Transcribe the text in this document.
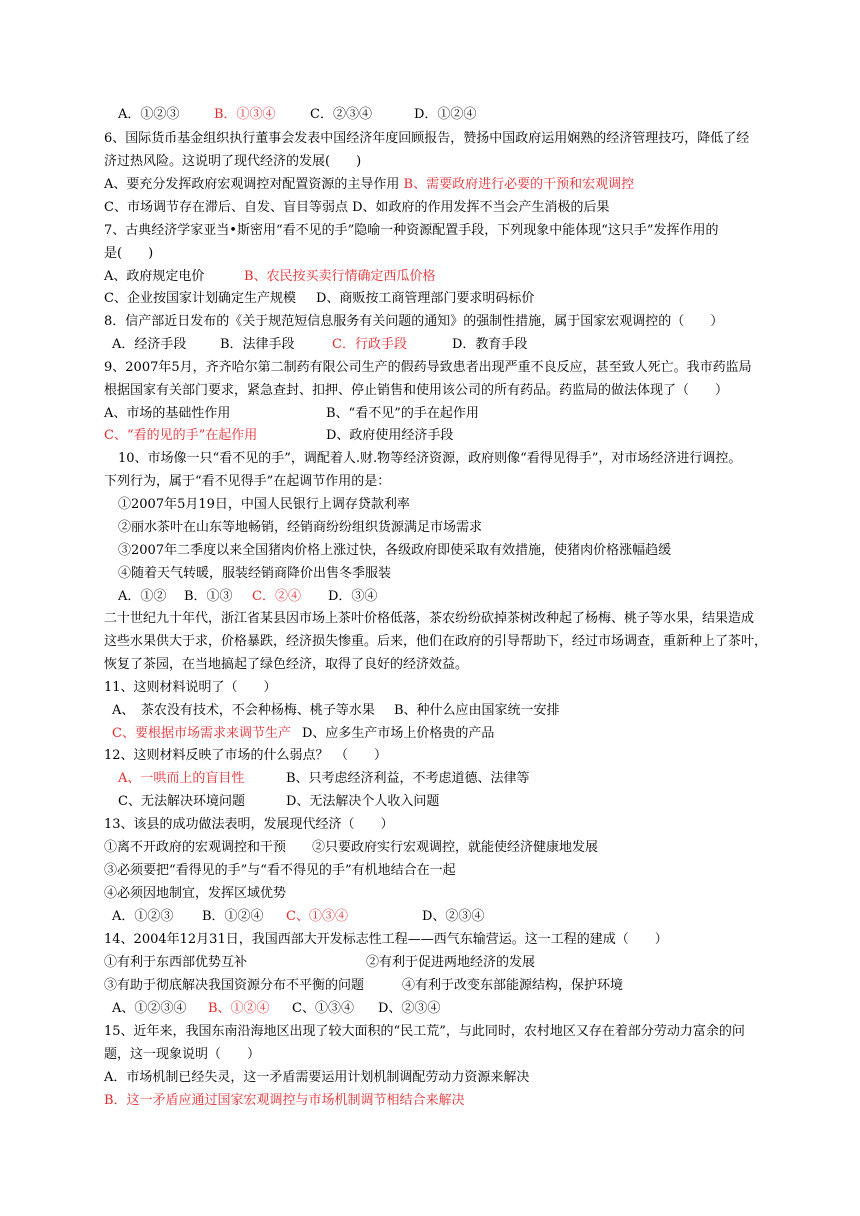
A．①②③	B．①③④	C．②③④	D．①②④
6、国际货币基金组织执行董事会发表中国经济年度回顾报告，赞扬中国政府运用娴熟的经济管理技巧，降低了经
济过热风险。这说明了现代经济的发展(　　)
A、要充分发挥政府宏观调控对配置资源的主导作用 B、需要政府进行必要的干预和宏观调控
C、市场调节存在滞后、自发、盲目等弱点 D、如政府的作用发挥不当会产生消极的后果
7、古典经济学家亚当•斯密用“看不见的手”隐喻一种资源配置手段，下列现象中能体现“这只手”发挥作用的
是(　　)
A、政府规定电价	B、农民按买卖行情确定西瓜价格
C、企业按国家计划确定生产规模 D、商贩按工商管理部门要求明码标价
8．信产部近日发布的《关于规范短信息服务有关问题的通知》的强制性措施，属于国家宏观调控的（　　）
A．经济手段	B．法律手段	C．行政手段	D．教育手段
9、2007年5月，齐齐哈尔第二制药有限公司生产的假药导致患者出现严重不良反应，甚至致人死亡。我市药监局
根据国家有关部门要求，紧急查封、扣押、停止销售和使用该公司的所有药品。药监局的做法体现了（　　）
A、市场的基础性作用	B、“看不见”的手在起作用
C、“看的见的手”在起作用	D、政府使用经济手段
10、市场像一只“看不见的手”，调配着人.财.物等经济资源，政府则像“看得见得手”，对市场经济进行调控。
下列行为，属于“看不见得手”在起调节作用的是：
①2007年5月19日，中国人民银行上调存贷款利率
②丽水茶叶在山东等地畅销，经销商纷纷组织货源满足市场需求
③2007年二季度以来全国猪肉价格上涨过快，各级政府即使采取有效措施，使猪肉价格涨幅趋缓
④随着天气转暖，服装经销商降价出售冬季服装
A．①② B．①③ C．②④ D．③④
二十世纪九十年代，浙江省某县因市场上茶叶价格低落，茶农纷纷砍掉茶树改种起了杨梅、桃子等水果，结果造成
这些水果供大于求，价格暴跌，经济损失惨重。后来，他们在政府的引导帮助下，经过市场调查，重新种上了茶叶，
恢复了茶园，在当地搞起了绿色经济，取得了良好的经济效益。
11、这则材料说明了（　　）
A、　茶农没有技术，不会种杨梅、桃子等水果 B、种什么应由国家统一安排
C、要根据市场需求来调节生产 D、应多生产市场上价格贵的产品
12、这则材料反映了市场的什么弱点？　（　　）
A、一哄而上的盲目性	B、只考虑经济利益，不考虑道德、法律等
C、无法解决环境问题	D、无法解决个人收入问题
13、该县的成功做法表明，发展现代经济（　　）
①离不开政府的宏观调控和干预 ②只要政府实行宏观调控，就能使经济健康地发展
③必须要把“看得见的手”与“看不得见的手”有机地结合在一起
④必须因地制宜，发挥区域优势
A．①②③ B．①②④ C、①③④	D、②③④
14、2004年12月31日，我国西部大开发标志性工程——西气东输营运。这一工程的建成（　　）
①有利于东西部优势互补	②有利于促进两地经济的发展
③有助于彻底解决我国资源分布不平衡的问题	④有利于改变东部能源结构，保护环境
A、①②③④ B、①②④ C、①③④ D、②③④
15、近年来，我国东南沿海地区出现了较大面积的“民工荒”，与此同时，农村地区又存在着部分劳动力富余的问
题，这一现象说明（　　）
A．市场机制已经失灵，这一矛盾需要运用计划机制调配劳动力资源来解决
B．这一矛盾应通过国家宏观调控与市场机制调节相结合来解决
